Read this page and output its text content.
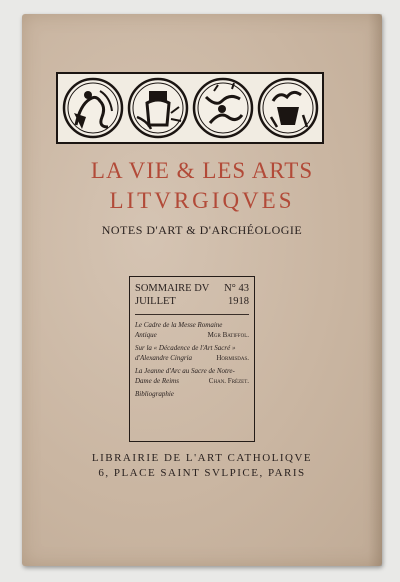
LA VIE & LES ARTS

LITVRGIQVES

NOTES D'ART & D'ARCHÉOLOGIE

SOMMAIRE DV N° 43
JUILLET	1918
Le Cadre de la Messe Romaine
Antique	Mgr Batiffol.
Sur la « Décadence de l'Art Sacré »
d'Alexandre Cingria	Hormisdas.
La Jeanne d'Arc au Sacre de Notre-
Dame de Reims	Chan. Frézet.
Bibliographie

LIBRAIRIE DE L'ART CATHOLIQVE

6, PLACE SAINT SVLPICE, PARIS
